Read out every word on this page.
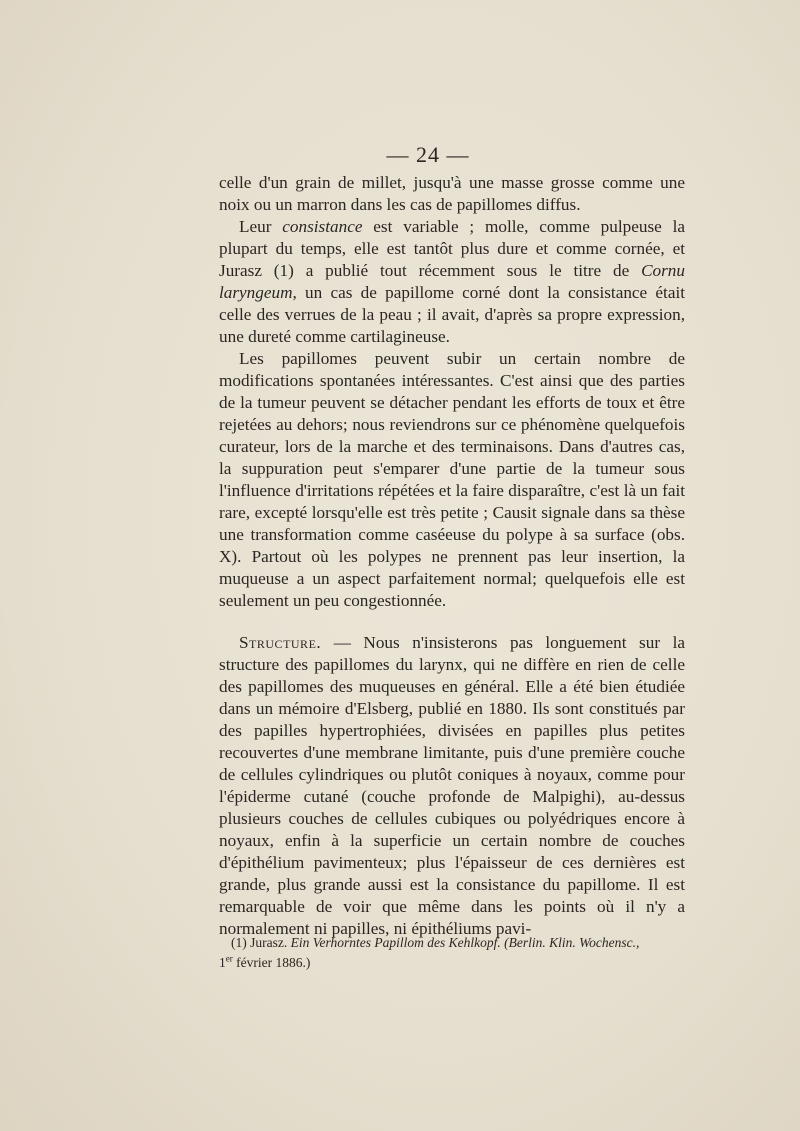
— 24 —

celle d'un grain de millet, jusqu'à une masse grosse comme une noix ou un marron dans les cas de papillomes diffus.

Leur consistance est variable ; molle, comme pulpeuse la plupart du temps, elle est tantôt plus dure et comme cornée, et Jurasz (1) a publié tout récemment sous le titre de Cornu laryngeum, un cas de papillome corné dont la consistance était celle des verrues de la peau ; il avait, d'après sa propre expression, une dureté comme cartilagineuse.

Les papillomes peuvent subir un certain nombre de modifications spontanées intéressantes. C'est ainsi que des parties de la tumeur peuvent se détacher pendant les efforts de toux et être rejetées au dehors; nous reviendrons sur ce phénomène quelquefois curateur, lors de la marche et des terminaisons. Dans d'autres cas, la suppuration peut s'emparer d'une partie de la tumeur sous l'influence d'irritations répétées et la faire disparaître, c'est là un fait rare, excepté lorsqu'elle est très petite ; Causit signale dans sa thèse une transformation comme caséeuse du polype à sa surface (obs. X). Partout où les polypes ne prennent pas leur insertion, la muqueuse a un aspect parfaitement normal; quelquefois elle est seulement un peu congestionnée.

Structure. — Nous n'insisterons pas longuement sur la structure des papillomes du larynx, qui ne diffère en rien de celle des papillomes des muqueuses en général. Elle a été bien étudiée dans un mémoire d'Elsberg, publié en 1880. Ils sont constitués par des papilles hypertrophiées, divisées en papilles plus petites recouvertes d'une membrane limitante, puis d'une première couche de cellules cylindriques ou plutôt coniques à noyaux, comme pour l'épiderme cutané (couche profonde de Malpighi), au-dessus plusieurs couches de cellules cubiques ou polyédriques encore à noyaux, enfin à la superficie un certain nombre de couches d'épithélium pavimenteux; plus l'épaisseur de ces dernières est grande, plus grande aussi est la consistance du papillome. Il est remarquable de voir que même dans les points où il n'y a normalement ni papilles, ni épithéliums pavi-

(1) Jurasz. Ein Verhorntes Papillom des Kehlkopf. (Berlin. Klin. Wochensc.,
1er février 1886.)
